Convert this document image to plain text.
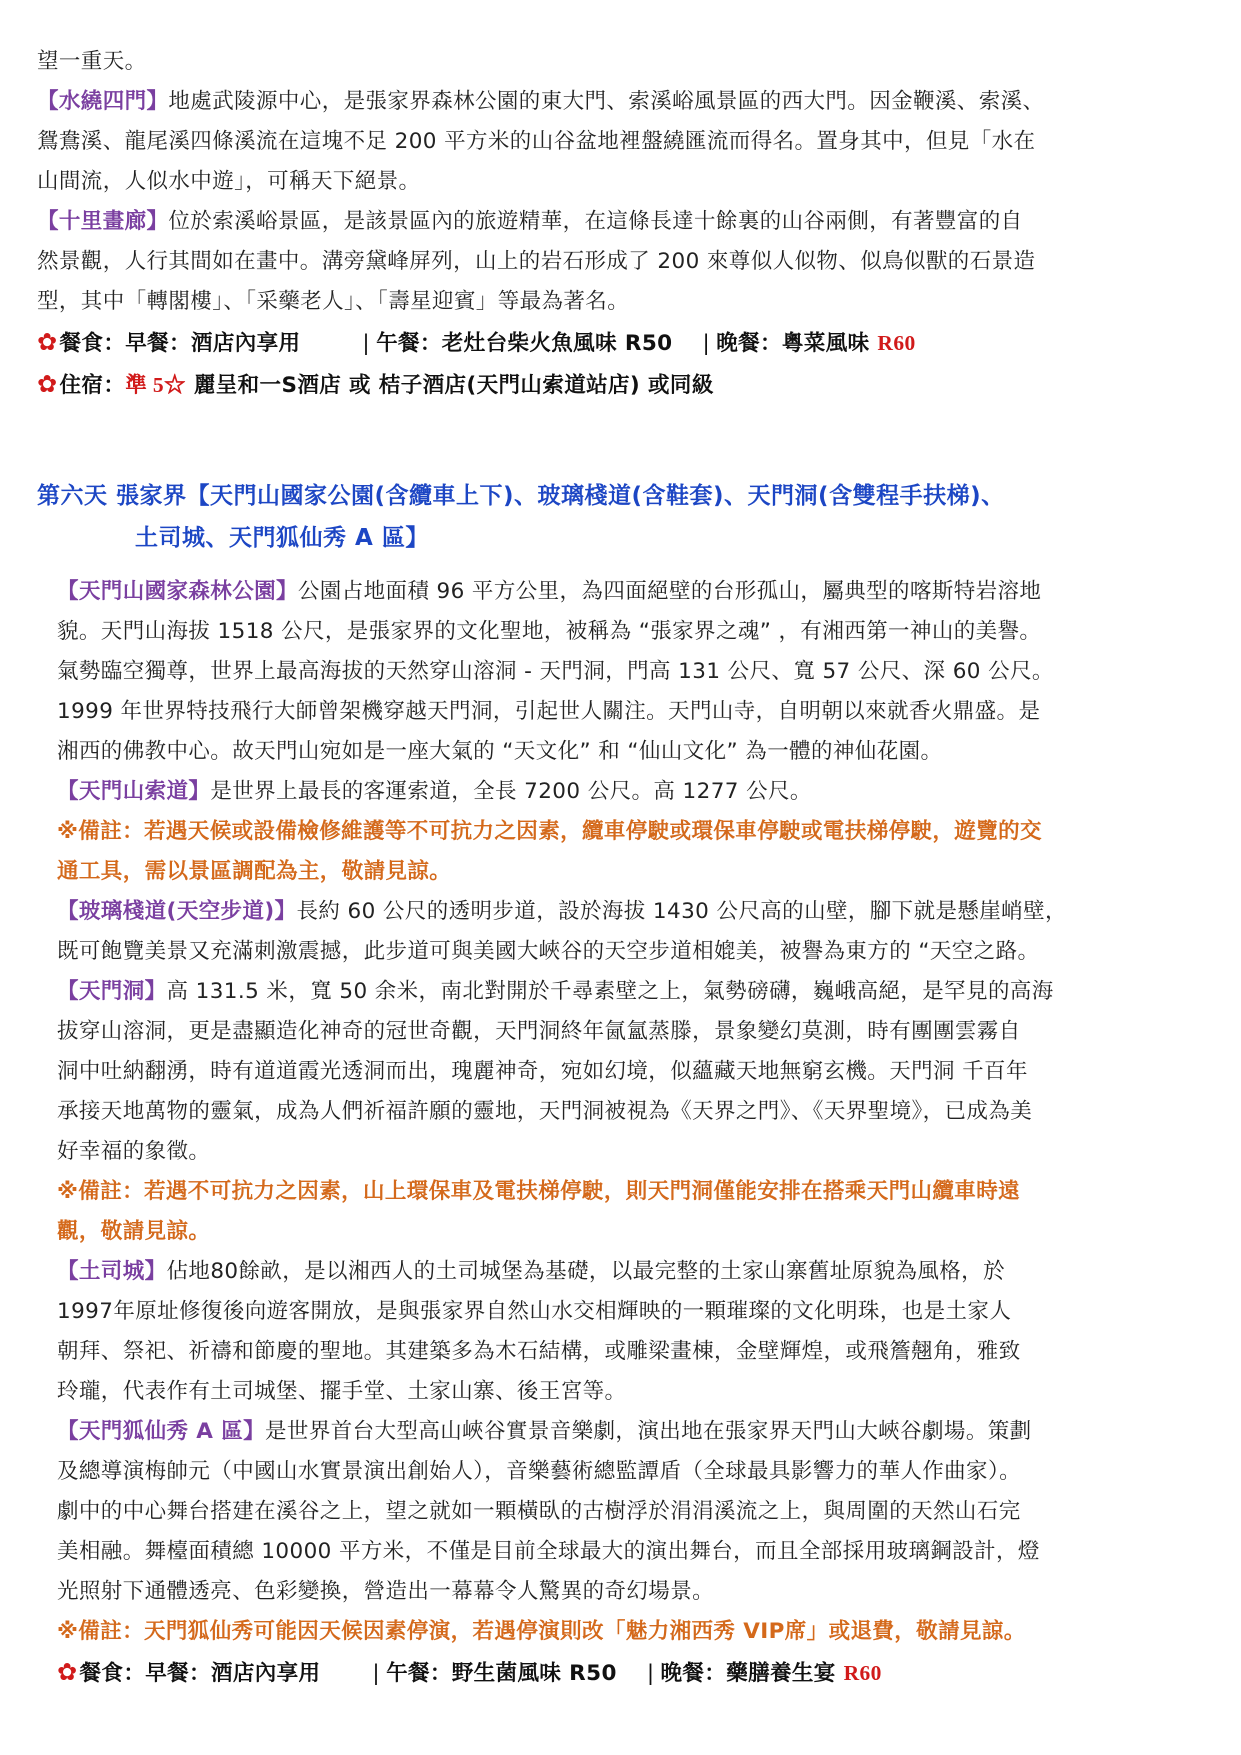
望一重天。

【水繞四門】地處武陵源中心，是張家界森林公園的東大門、索溪峪風景區的西大門。因金鞭溪、索溪、

鴛鴦溪、龍尾溪四條溪流在這塊不足 200 平方米的山谷盆地裡盤繞匯流而得名。置身其中，但見「水在

山間流，人似水中遊」，可稱天下絕景。

【十里畫廊】位於索溪峪景區，是該景區內的旅遊精華，在這條長達十餘裏的山谷兩側，有著豐富的自

然景觀，人行其間如在畫中。溝旁黛峰屏列，山上的岩石形成了 200 來尊似人似物、似鳥似獸的石景造

型，其中「轉閣樓」、「采藥老人」、「壽星迎賓」等最為著名。

✿餐食：早餐：酒店內享用	| 午餐：老灶台柴火魚風味 R50 | 晚餐：粵菜風味 R60

✿住宿：準 5☆ 麗呈和一S酒店 或 桔子酒店(天門山索道站店) 或同級

第六天 張家界【天門山國家公園(含纜車上下)、玻璃棧道(含鞋套)、天門洞(含雙程手扶梯)、
土司城、天門狐仙秀 A 區】

【天門山國家森林公園】公園占地面積 96 平方公里，為四面絕壁的台形孤山，屬典型的喀斯特岩溶地

貌。天門山海拔 1518 公尺，是張家界的文化聖地，被稱為 “張家界之魂” ，有湘西第一神山的美譽。

氣勢臨空獨尊，世界上最高海拔的天然穿山溶洞 - 天門洞，門高 131 公尺、寬 57 公尺、深 60 公尺。

1999 年世界特技飛行大師曾架機穿越天門洞，引起世人關注。天門山寺，自明朝以來就香火鼎盛。是

湘西的佛教中心。故天門山宛如是一座大氣的 “天文化” 和 “仙山文化” 為一體的神仙花園。

【天門山索道】是世界上最長的客運索道，全長 7200 公尺。高 1277 公尺。

※備註：若遇天候或設備檢修維護等不可抗力之因素，纜車停駛或環保車停駛或電扶梯停駛，遊覽的交

通工具，需以景區調配為主，敬請見諒。

【玻璃棧道(天空步道)】長約 60 公尺的透明步道，設於海拔 1430 公尺高的山壁，腳下就是懸崖峭壁，

既可飽覽美景又充滿刺激震撼，此步道可與美國大峽谷的天空步道相媲美，被譽為東方的 “天空之路。

【天門洞】高 131.5 米，寬 50 余米，南北對開於千尋素壁之上，氣勢磅礴，巍峨高絕，是罕見的高海

拔穿山溶洞，更是盡顯造化神奇的冠世奇觀，天門洞終年氤氳蒸滕，景象變幻莫測，時有團團雲霧自

洞中吐納翻湧，時有道道霞光透洞而出，瑰麗神奇，宛如幻境，似蘊藏天地無窮玄機。天門洞 千百年

承接天地萬物的靈氣，成為人們祈福許願的靈地，天門洞被視為《天界之門》、《天界聖境》，已成為美

好幸福的象徵。

※備註：若遇不可抗力之因素，山上環保車及電扶梯停駛，則天門洞僅能安排在搭乘天門山纜車時遠

觀，敬請見諒。

【土司城】佔地80餘畝，是以湘西人的土司城堡為基礎，以最完整的土家山寨舊址原貌為風格，於

1997年原址修復後向遊客開放，是與張家界自然山水交相輝映的一顆璀璨的文化明珠，也是土家人

朝拜、祭祀、祈禱和節慶的聖地。其建築多為木石結構，或雕梁畫棟，金壁輝煌，或飛簷翹角，雅致

玲瓏，代表作有土司城堡、擺手堂、土家山寨、後王宮等。

【天門狐仙秀 A 區】是世界首台大型高山峽谷實景音樂劇，演出地在張家界天門山大峽谷劇場。策劃

及總導演梅帥元（中國山水實景演出創始人），音樂藝術總監譚盾（全球最具影響力的華人作曲家）。

劇中的中心舞台搭建在溪谷之上，望之就如一顆橫臥的古樹浮於涓涓溪流之上，與周圍的天然山石完

美相融。舞檯面積總 10000 平方米，不僅是目前全球最大的演出舞台，而且全部採用玻璃鋼設計，燈

光照射下通體透亮、色彩變換，營造出一幕幕令人驚異的奇幻場景。

※備註：天門狐仙秀可能因天候因素停演，若遇停演則改「魅力湘西秀 VIP席」或退費，敬請見諒。

✿餐食：早餐：酒店內享用 | 午餐：野生菌風味 R50 | 晚餐：藥膳養生宴 R60
